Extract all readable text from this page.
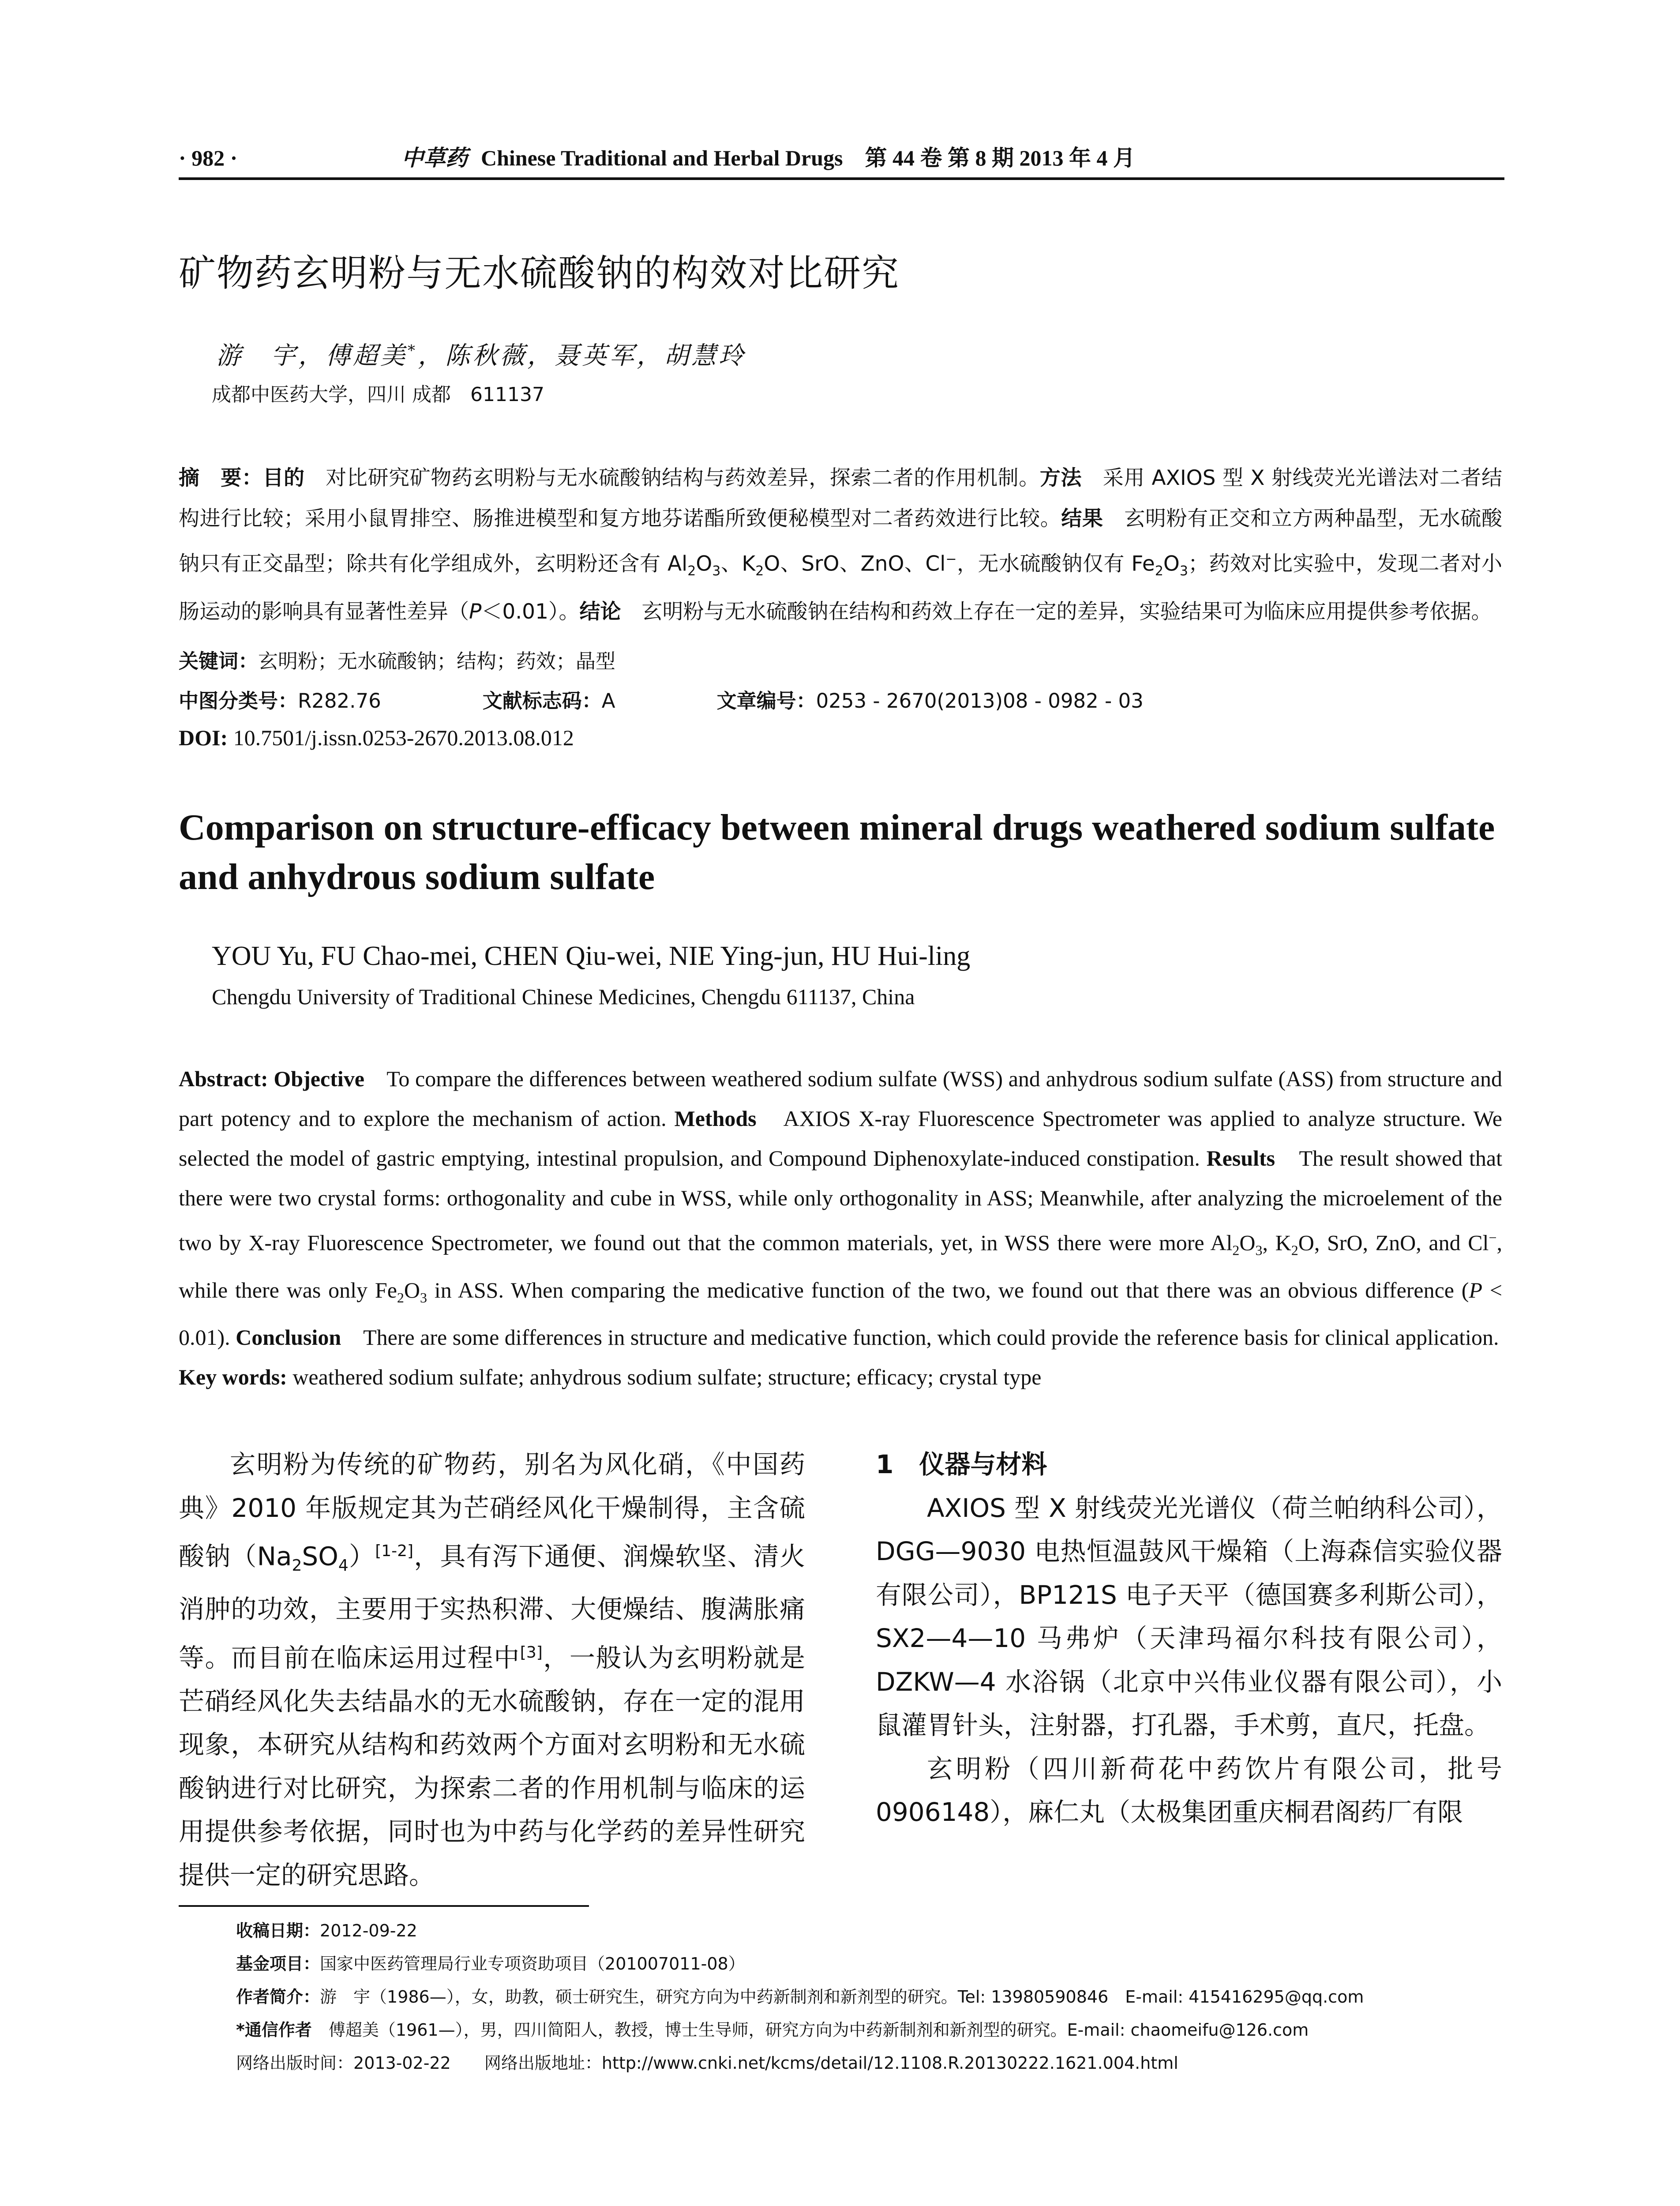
· 982 ·	中草药 Chinese Traditional and Herbal Drugs 第 44 卷 第 8 期 2013 年 4 月
矿物药玄明粉与无水硫酸钠的构效对比研究
游　宇，傅超美*，陈秋薇，聂英军，胡慧玲
成都中医药大学，四川 成都　611137
摘　要：目的　对比研究矿物药玄明粉与无水硫酸钠结构与药效差异，探索二者的作用机制。方法　采用 AXIOS 型 X 射线荧光光谱法对二者结构进行比较；采用小鼠胃排空、肠推进模型和复方地芬诺酯所致便秘模型对二者药效进行比较。结果　玄明粉有正交和立方两种晶型，无水硫酸钠只有正交晶型；除共有化学组成外，玄明粉还含有 $Al_2O_3$、$K_2O$、SrO、ZnO、Cl−，无水硫酸钠仅有 $Fe_2O_3$；药效对比实验中，发现二者对小肠运动的影响具有显著性差异（P＜0.01）。结论　玄明粉与无水硫酸钠在结构和药效上存在一定的差异，实验结果可为临床应用提供参考依据。
关键词：玄明粉；无水硫酸钠；结构；药效；晶型
中图分类号：R282.76	文献标志码：A	文章编号：0253 - 2670(2013)08 - 0982 - 03
DOI: 10.7501/j.issn.0253-2670.2013.08.012
Comparison on structure-efficacy between mineral drugs weathered sodium sulfate and anhydrous sodium sulfate
YOU Yu, FU Chao-mei, CHEN Qiu-wei, NIE Ying-jun, HU Hui-ling
Chengdu University of Traditional Chinese Medicines, Chengdu 611137, China
Abstract: Objective　To compare the differences between weathered sodium sulfate (WSS) and anhydrous sodium sulfate (ASS) from structure and part potency and to explore the mechanism of action. Methods　AXIOS X-ray Fluorescence Spectrometer was applied to analyze structure. We selected the model of gastric emptying, intestinal propulsion, and Compound Diphenoxylate-induced constipation. Results　The result showed that there were two crystal forms: orthogonality and cube in WSS, while only orthogonality in ASS; Meanwhile, after analyzing the microelement of the two by X-ray Fluorescence Spectrometer, we found out that the common materials, yet, in WSS there were more $Al_2O_3$, $K_2O$, SrO, ZnO, and Cl−, while there was only $Fe_2O_3$ in ASS. When comparing the medicative function of the two, we found out that there was an obvious difference (P < 0.01). Conclusion　There are some differences in structure and medicative function, which could provide the reference basis for clinical application.
Key words: weathered sodium sulfate; anhydrous sodium sulfate; structure; efficacy; crystal type
玄明粉为传统的矿物药，别名为风化硝，《中国药典》2010 年版规定其为芒硝经风化干燥制得，主含硫酸钠$(Na_2SO_4)[1-2]$，具有泻下通便、润燥软坚、清火消肿的功效，主要用于实热积滞、大便燥结、腹满胀痛等。而目前在临床运用过程中[3]，一般认为玄明粉就是芒硝经风化失去结晶水的无水硫酸钠，存在一定的混用现象，本研究从结构和药效两个方面对玄明粉和无水硫酸钠进行对比研究，为探索二者的作用机制与临床的运用提供参考依据，同时也为中药与化学药的差异性研究提供一定的研究思路。
1　仪器与材料
AXIOS 型 X 射线荧光光谱仪（荷兰帕纳科公司），DGG—9030 电热恒温鼓风干燥箱（上海森信实验仪器有限公司），BP121S 电子天平（德国赛多利斯公司），SX2—4—10 马弗炉（天津玛福尔科技有限公司），DZKW—4 水浴锅（北京中兴伟业仪器有限公司），小鼠灌胃针头，注射器，打孔器，手术剪，直尺，托盘。
玄明粉（四川新荷花中药饮片有限公司，批号 0906148），麻仁丸（太极集团重庆桐君阁药厂有限
收稿日期：2012-09-22
基金项目：国家中医药管理局行业专项资助项目（201007011-08）
作者简介：游　宇（1986—），女，助教，硕士研究生，研究方向为中药新制剂和新剂型的研究。Tel: 13980590846　E-mail: 415416295@qq.com
*通信作者　傅超美（1961—），男，四川简阳人，教授，博士生导师，研究方向为中药新制剂和新剂型的研究。E-mail: chaomeifu@126.com
网络出版时间：2013-02-22　　网络出版地址：http://www.cnki.net/kcms/detail/12.1108.R.20130222.1621.004.html
